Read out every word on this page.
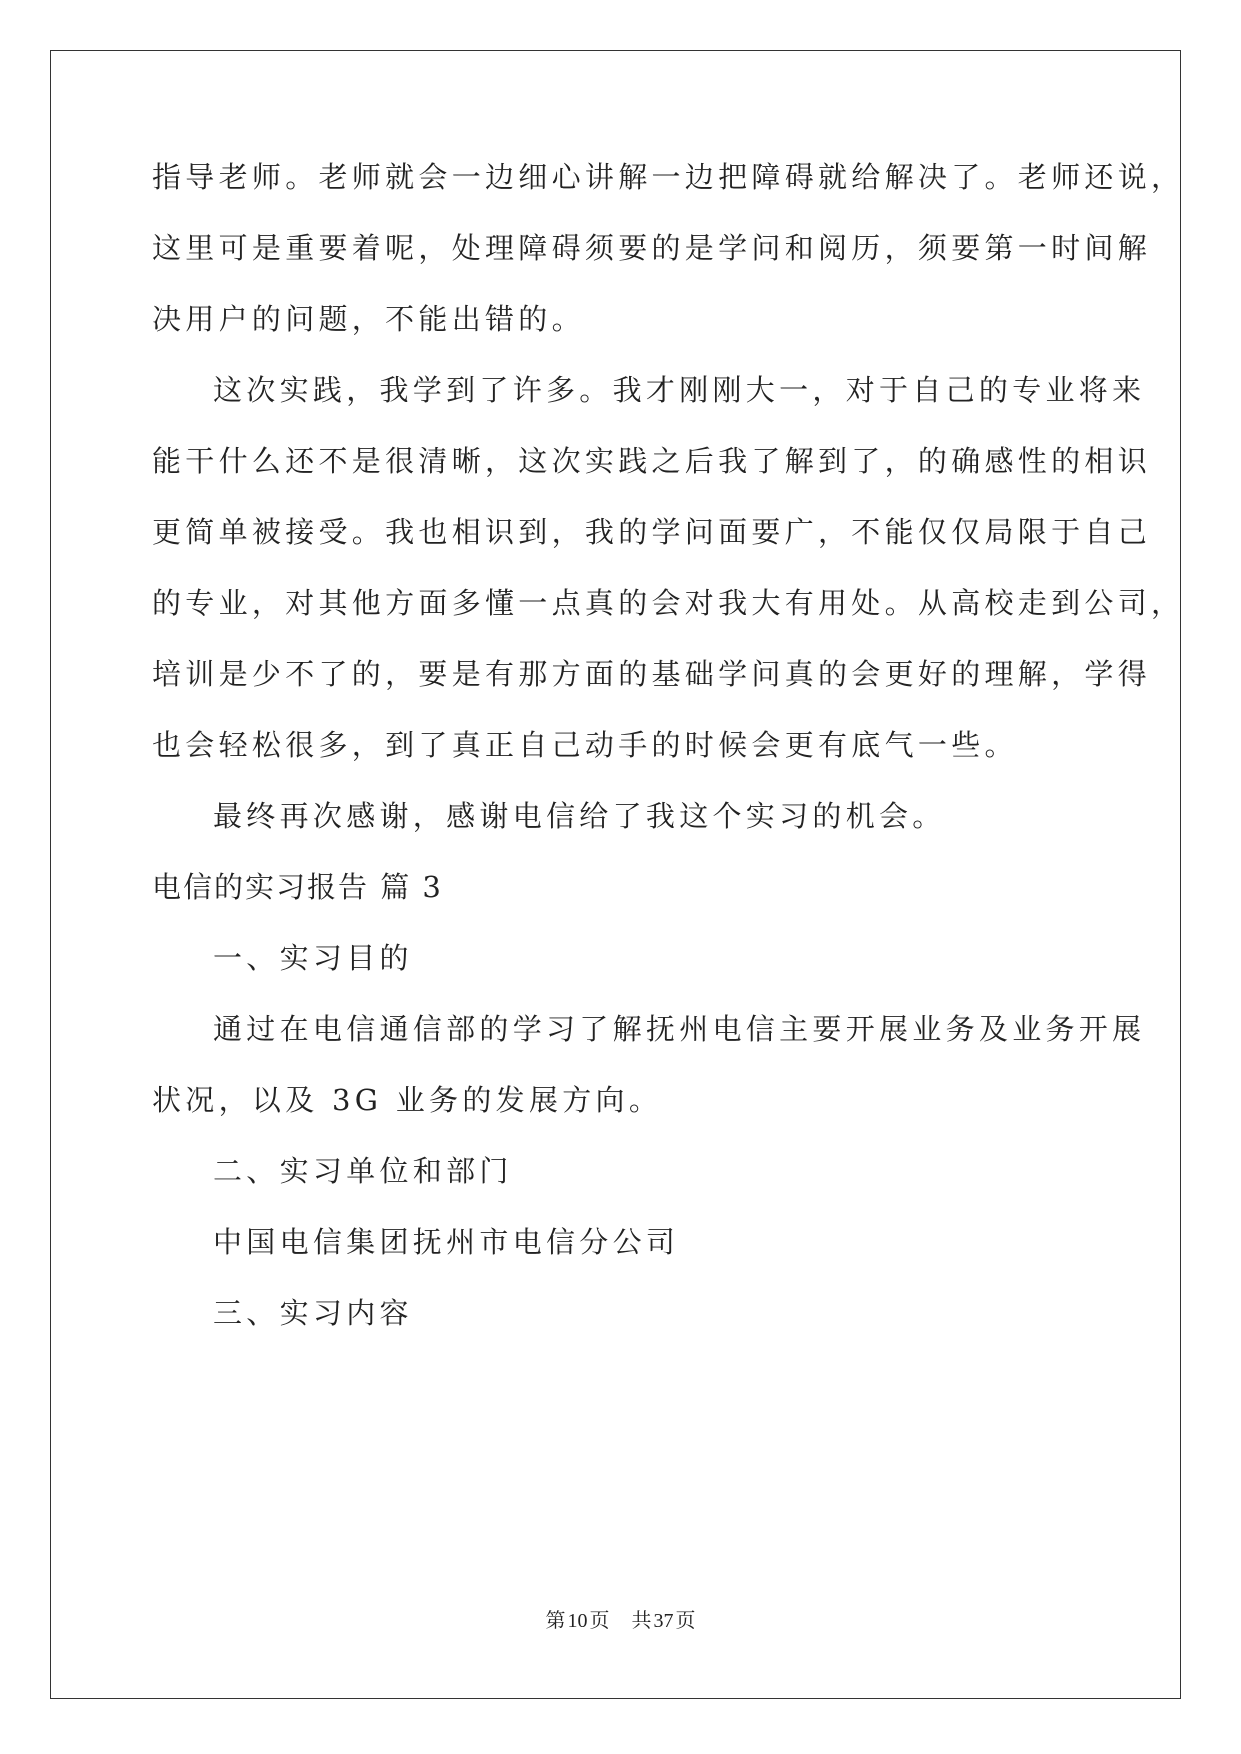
指导老师。老师就会一边细心讲解一边把障碍就给解决了。老师还说，
这里可是重要着呢，处理障碍须要的是学问和阅历，须要第一时间解
决用户的问题，不能出错的。
这次实践，我学到了许多。我才刚刚大一，对于自己的专业将来
能干什么还不是很清晰，这次实践之后我了解到了，的确感性的相识
更简单被接受。我也相识到，我的学问面要广，不能仅仅局限于自己
的专业，对其他方面多懂一点真的会对我大有用处。从高校走到公司，
培训是少不了的，要是有那方面的基础学问真的会更好的理解，学得
也会轻松很多，到了真正自己动手的时候会更有底气一些。
最终再次感谢，感谢电信给了我这个实习的机会。
电信的实习报告 篇 3
一、实习目的
通过在电信通信部的学习了解抚州电信主要开展业务及业务开展
状况，以及 3G 业务的发展方向。
二、实习单位和部门
中国电信集团抚州市电信分公司
三、实习内容
第 10 页 共 37 页
